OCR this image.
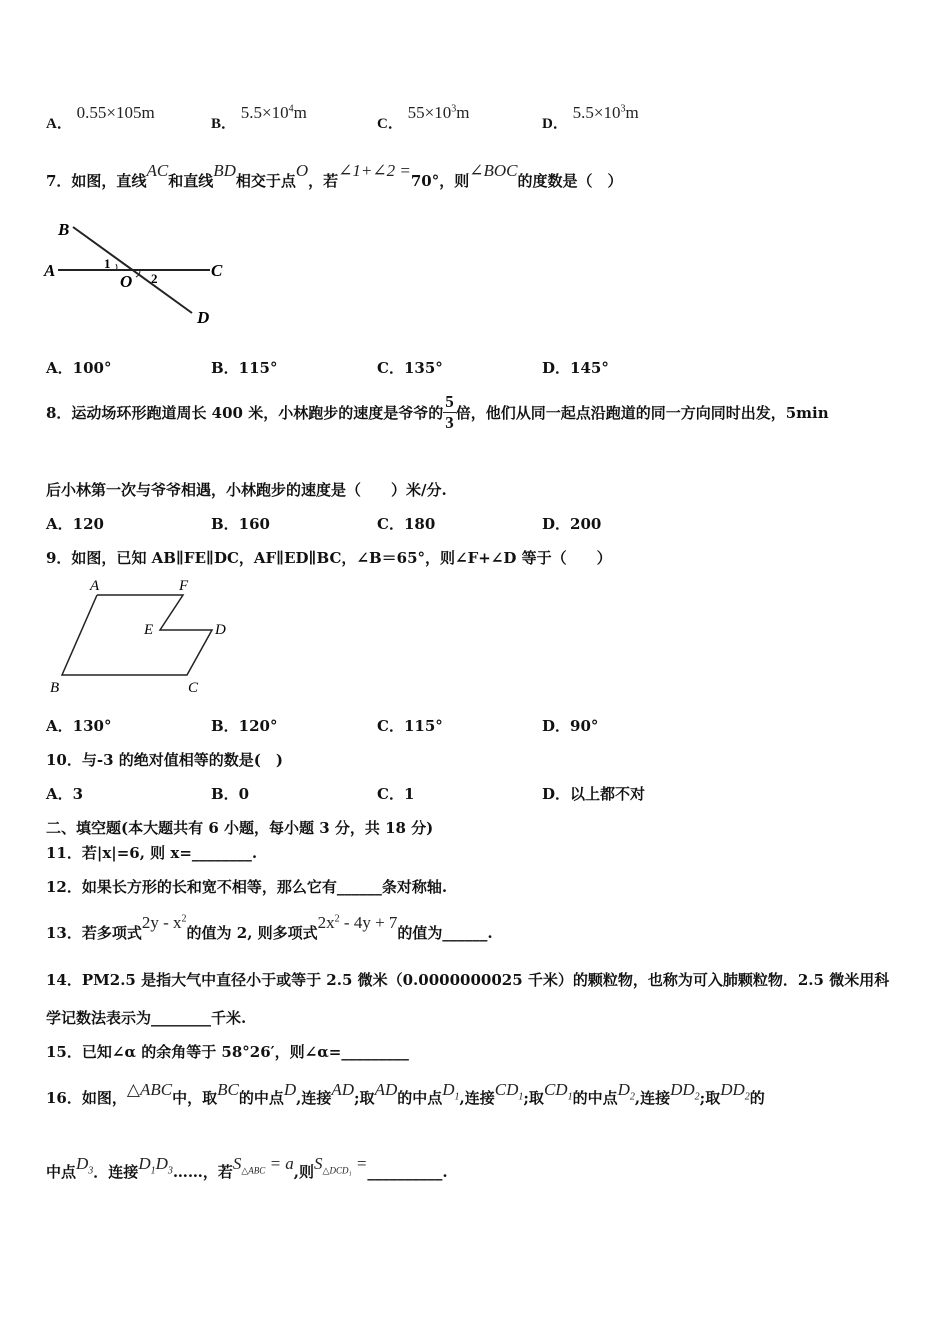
A． 0.55×105m
B． $5.5\times 10^4m$
C． $55\times 10^3m$
D． $5.5\times 10^3m$
7．如图，直线AC和直线BD相交于点O，若∠1+∠2 =70°，则∠BOC的度数是（　）
B
A	C
D
O
1
2
A．100°	B．115°	C．135°	D．145°
8．运动场环形跑道周长 400 米，小林跑步的速度是爷爷的 $\frac{5}{3}$ 倍，他们从同一起点沿跑道的同一方向同时出发，5min
后小林第一次与爷爷相遇，小林跑步的速度是（　　）米/分.
A．120	B．160	C．180	D．200
9．如图，已知 AB∥FE∥DC，AF∥ED∥BC，∠B＝65°，则∠F+∠D 等于（　　）
A	F
E	D
B	C
A．130°	B．120°	C．115°	D．90°
10．与-3 的绝对值相等的数是(　)
A．3	B．0	C．1	D．以上都不对
二、填空题(本大题共有 6 小题，每小题 3 分，共 18 分)
11．若|x|=6, 则 x=________.
12．如果长方形的长和宽不相等，那么它有______条对称轴.
13．若多项式$2y - x^2$的值为 2, 则多项式$2x^2 - 4y + 7$的值为______.
14．PM2.5 是指大气中直径小于或等于 2.5 微米（0.0000000025 千米）的颗粒物，也称为可入肺颗粒物．2.5 微米用科
学记数法表示为________千米.
15．已知∠α 的余角等于 58°26′，则∠α=_________
16．如图，△ABC中，取BC的中点D,连接AD;取AD的中点$D_1$,连接$CD_1$;取$CD_1$的中点$D_2$,连接$DD_2$;取$DD_2$的
中点$D_3$．连接$D_1D_3\dots\dots$，若$S_{\triangle ABC} = a$,则$S_{\triangle DCD_1}$ =__________.
